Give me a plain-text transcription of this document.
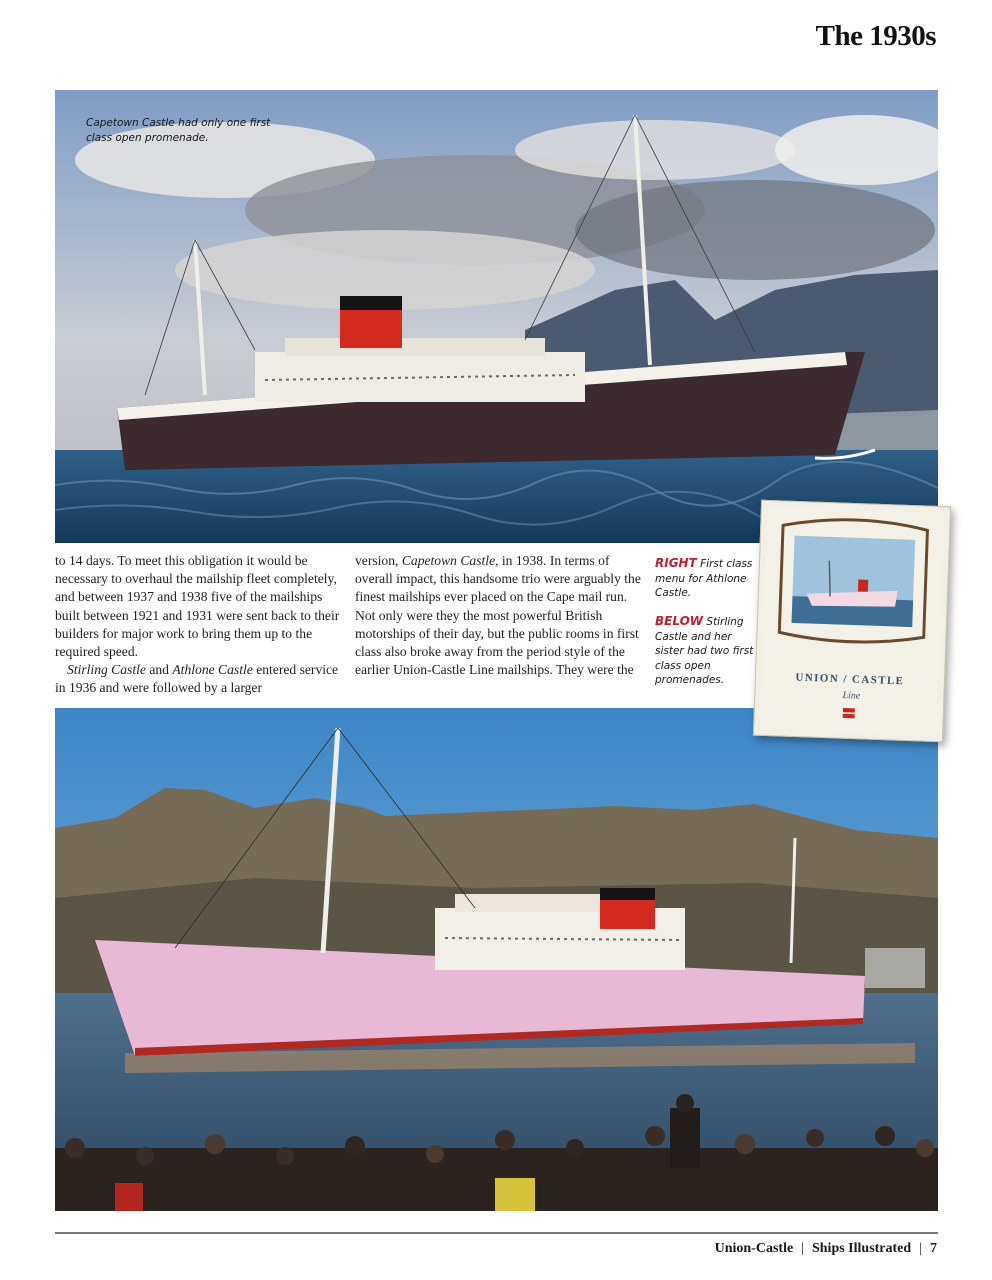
The 1930s
Capetown Castle had only one first class open promenade.

to 14 days. To meet this obligation it would be necessary to overhaul the mailship fleet completely, and between 1937 and 1938 five of the mailships built between 1921 and 1931 were sent back to their builders for major work to bring them up to the required speed.

Stirling Castle and Athlone Castle entered service in 1936 and were followed by a larger

version, Capetown Castle, in 1938. In terms of overall impact, this handsome trio were arguably the finest mailships ever placed on the Cape mail run. Not only were they the most powerful British motorships of their day, but the public rooms in first class also broke away from the period style of the earlier Union-Castle Line mailships. They were the

RIGHT First class menu for Athlone Castle.
BELOW Stirling Castle and her sister had two first class open promenades.	UNION / CASTLE
Line
Union-Castle | Ships Illustrated | 7
